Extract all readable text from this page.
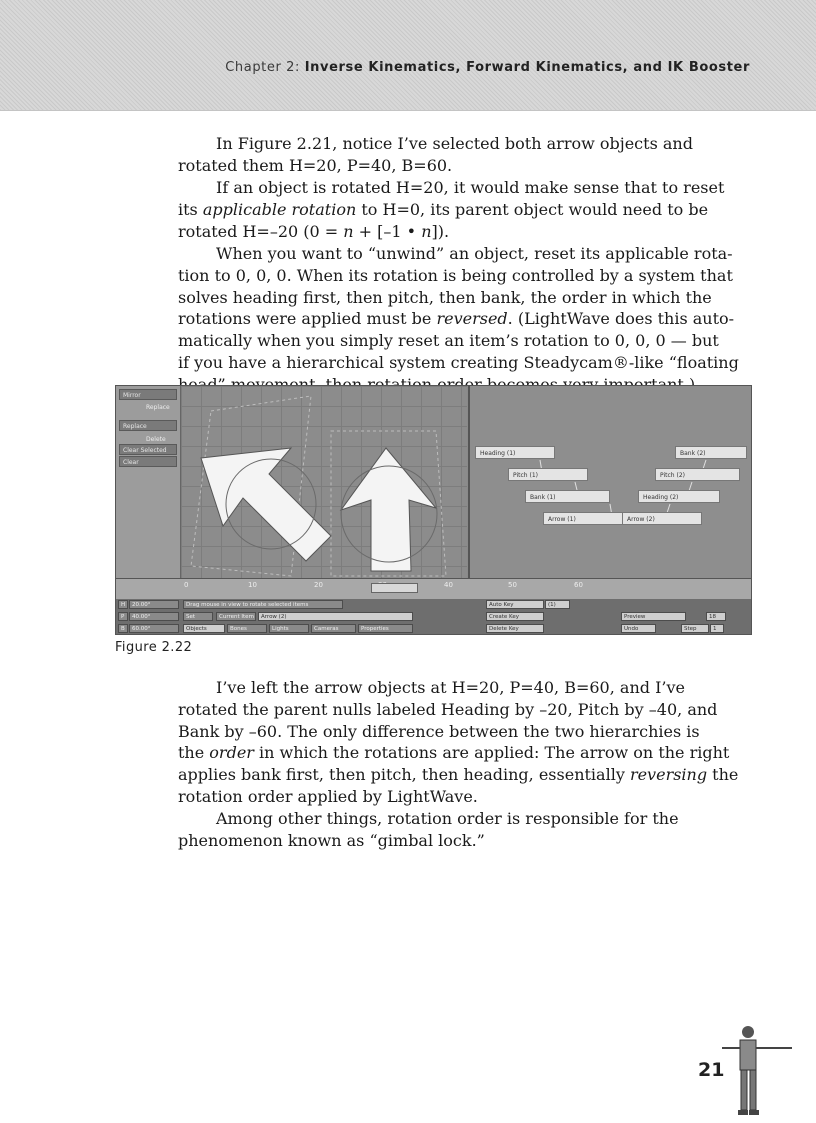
Chapter 2: Inverse Kinematics, Forward Kinematics, and IK Booster

In Figure 2.21, notice I’ve selected both arrow objects and
rotated them H=20, P=40, B=60.

If an object is rotated H=20, it would make sense that to reset
its applicable rotation to H=0, its parent object would need to be
rotated H=–20 (0 = n + [–1 • n]).

When you want to “unwind” an object, reset its applicable rota-
tion to 0, 0, 0. When its rotation is being controlled by a system that
solves heading first, then pitch, then bank, the order in which the
rotations were applied must be reversed. (LightWave does this auto-
matically when you simply reset an item’s rotation to 0, 0, 0 — but
if you have a hierarchical system creating Steadycam®-like “floating

Mirror
Replace
Replace
Delete
Clear Selected
Clear
Heading (1)
Pitch (1)
Bank (1)
Arrow (1)
Bank (2)
Pitch (2)
Heading (2)
Arrow (2)
0	10	20	40	50	60
H	20.00°	Drag mouse in view to rotate selected items	Auto Key	(1)
P	40.00°	Set	Current Item	Arrow (2)	Create Key	Preview	18
B	60.00°	Objects	Bones	Lights	Cameras	Properties	Delete Key	Undo	Step	1
Figure 2.22

I’ve left the arrow objects at H=20, P=40, B=60, and I’ve
rotated the parent nulls labeled Heading by –20, Pitch by –40, and
Bank by –60. The only difference between the two hierarchies is
the order in which the rotations are applied: The arrow on the right
applies bank first, then pitch, then heading, essentially reversing the
rotation order applied by LightWave.

Among other things, rotation order is responsible for the
phenomenon known as “gimbal lock.”

21
